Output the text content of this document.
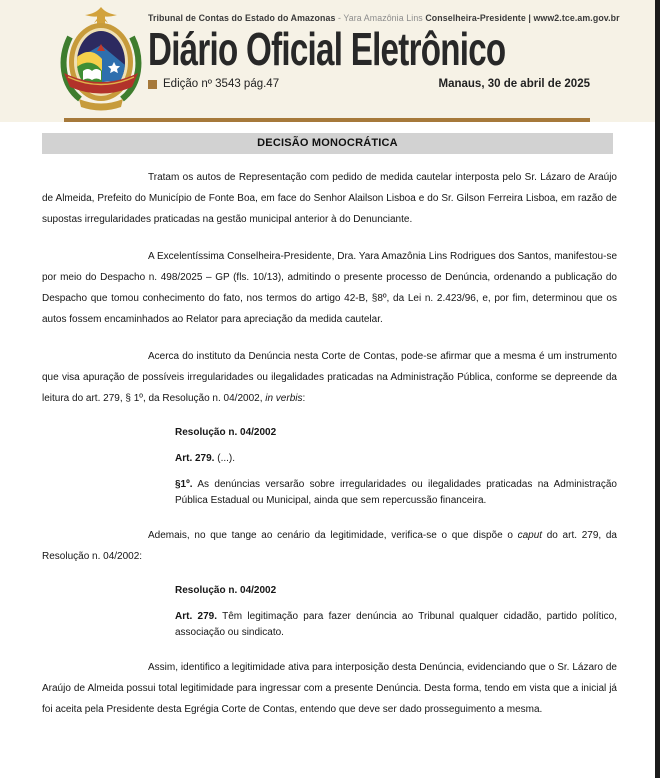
Tribunal de Contas do Estado do Amazonas - Yara Amazônia Lins Conselheira-Presidente | www2.tce.am.gov.br
Diário Oficial Eletrônico
Edição nº 3543 pág.47	Manaus, 30 de abril de 2025
DECISÃO MONOCRÁTICA

Tratam os autos de Representação com pedido de medida cautelar interposta pelo Sr. Lázaro de Araújo de Almeida, Prefeito do Município de Fonte Boa, em face do Senhor Alailson Lisboa e do Sr. Gilson Ferreira Lisboa, em razão de supostas irregularidades praticadas na gestão municipal anterior à do Denunciante.

A Excelentíssima Conselheira-Presidente, Dra. Yara Amazônia Lins Rodrigues dos Santos, manifestou-se por meio do Despacho n. 498/2025 – GP (fls. 10/13), admitindo o presente processo de Denúncia, ordenando a publicação do Despacho que tomou conhecimento do fato, nos termos do artigo 42-B, §8º, da Lei n. 2.423/96, e, por fim, determinou que os autos fossem encaminhados ao Relator para apreciação da medida cautelar.

Acerca do instituto da Denúncia nesta Corte de Contas, pode-se afirmar que a mesma é um instrumento que visa apuração de possíveis irregularidades ou ilegalidades praticadas na Administração Pública, conforme se depreende da leitura do art. 279, § 1º, da Resolução n. 04/2002, in verbis:

Resolução n. 04/2002

Art. 279. (...).

§1º. As denúncias versarão sobre irregularidades ou ilegalidades praticadas na Administração Pública Estadual ou Municipal, ainda que sem repercussão financeira.

Ademais, no que tange ao cenário da legitimidade, verifica-se o que dispõe o caput do art. 279, da Resolução n. 04/2002:

Resolução n. 04/2002

Art. 279. Têm legitimação para fazer denúncia ao Tribunal qualquer cidadão, partido político, associação ou sindicato.

Assim, identifico a legitimidade ativa para interposição desta Denúncia, evidenciando que o Sr. Lázaro de Araújo de Almeida possui total legitimidade para ingressar com a presente Denúncia. Desta forma, tendo em vista que a inicial já foi aceita pela Presidente desta Egrégia Corte de Contas, entendo que deve ser dado prosseguimento a mesma.
